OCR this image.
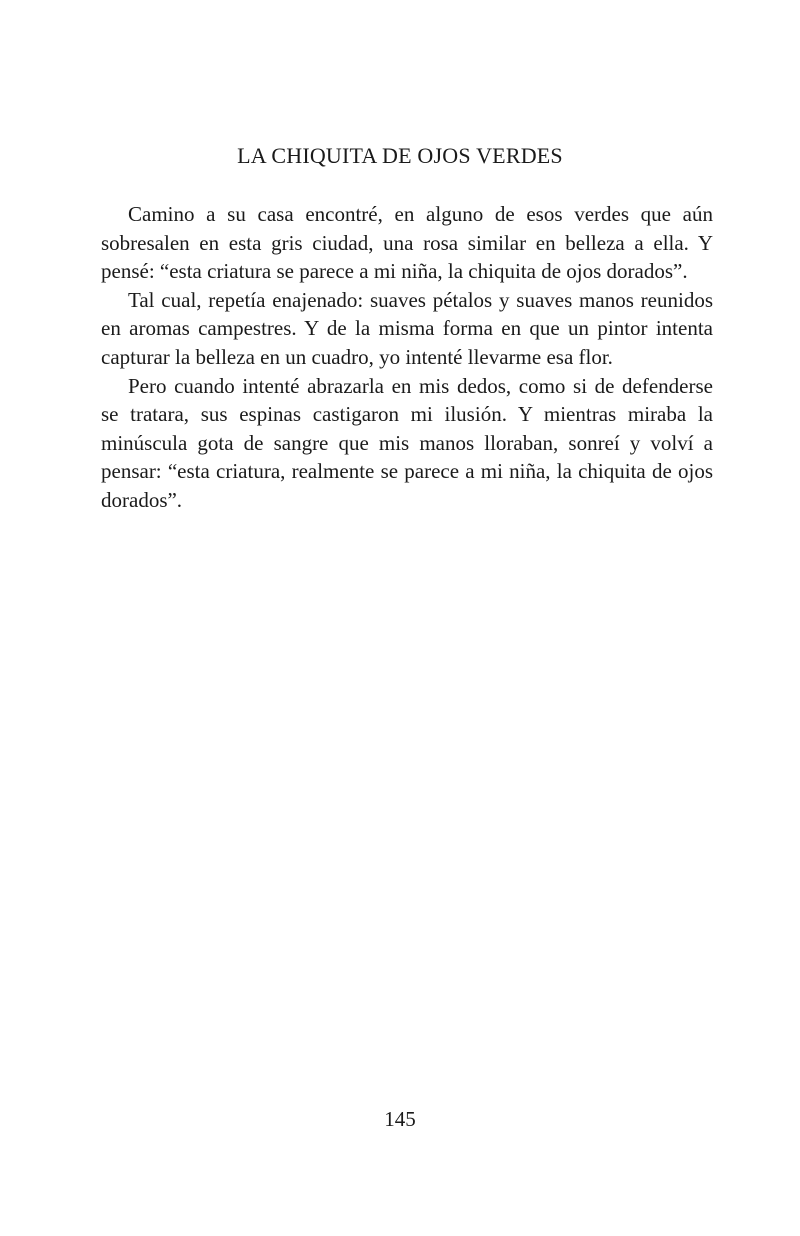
LA CHIQUITA DE OJOS VERDES
Camino a su casa encontré, en alguno de esos verdes que aún
sobresalen en esta gris ciudad, una rosa similar en belleza a ella. Y
pensé: “esta criatura se parece a mi niña, la chiquita de ojos dorados”.
Tal cual, repetía enajenado: suaves pétalos y suaves manos reunidos
en aromas campestres. Y de la misma forma en que un pintor intenta
capturar la belleza en un cuadro, yo intenté llevarme esa flor.
Pero cuando intenté abrazarla en mis dedos, como si de defenderse
se tratara, sus espinas castigaron mi ilusión. Y mientras miraba la
minúscula gota de sangre que mis manos lloraban, sonreí y volví a
pensar: “esta criatura, realmente se parece a mi niña, la chiquita de ojos
dorados”.

145
